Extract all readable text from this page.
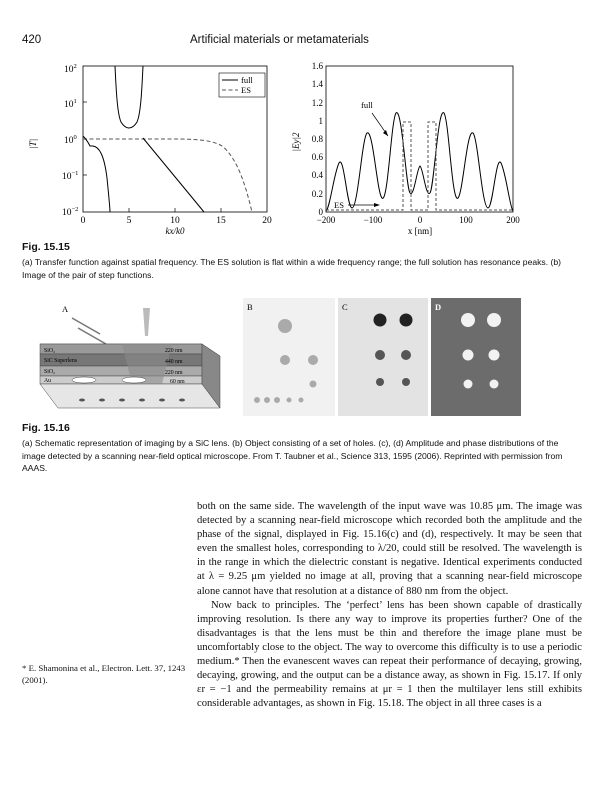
420	Artificial materials or metamaterials
$10^2$
$10^1$
$10^0$
$10^{-1}$
$10^{-2}$
0	5	10	15	20
kx/k0
|T|
full
ES
1.6
1.4
1.2
1
0.8
0.6
0.4
0.2
0
−200	−100	0	100	200
x [nm]
|Ey|2
full
ES
Fig. 15.15
(a) Transfer function against spatial frequency. The ES solution is flat within a wide frequency range; the full solution has resonance peaks. (b) Image of the pair of step functions.
A
SiO₂
SiC Superlens
SiO₂
Au
220 nm
440 nm
220 nm
60 nm
B	C	D
Fig. 15.16
(a) Schematic representation of imaging by a SiC lens. (b) Object consisting of a set of holes. (c), (d) Amplitude and phase distributions of the image detected by a scanning near-field optical microscope. From T. Taubner et al., Science 313, 1595 (2006). Reprinted with permission from AAAS.

both on the same side. The wavelength of the input wave was 10.85 μm. The image was detected by a scanning near-field microscope which recorded both the amplitude and the phase of the signal, displayed in Fig. 15.16(c) and (d), respectively. It may be seen that even the smallest holes, corresponding to λ/20, could still be resolved. The wavelength is in the range in which the dielectric constant is negative. Identical experiments conducted at λ = 9.25 μm yielded no image at all, proving that a scanning near-field microscope alone cannot have that resolution at a distance of 880 nm from the object.

Now back to principles. The ‘perfect’ lens has been shown capable of drastically improving resolution. Is there any way to improve its properties further? One of the disadvantages is that the lens must be thin and therefore the image plane must be uncomfortably close to the object. The way to overcome this difficulty is to use a periodic medium.* Then the evanescent waves can repeat their performance of decaying, growing, decaying, growing, and the output can be a distance away, as shown in Fig. 15.17. If only εr = −1 and the permeability remains at μr = 1 then the multilayer lens still exhibits considerable advantages, as shown in Fig. 15.18. The object in all three cases is a

* E. Shamonina et al., Electron. Lett. 37, 1243 (2001).
